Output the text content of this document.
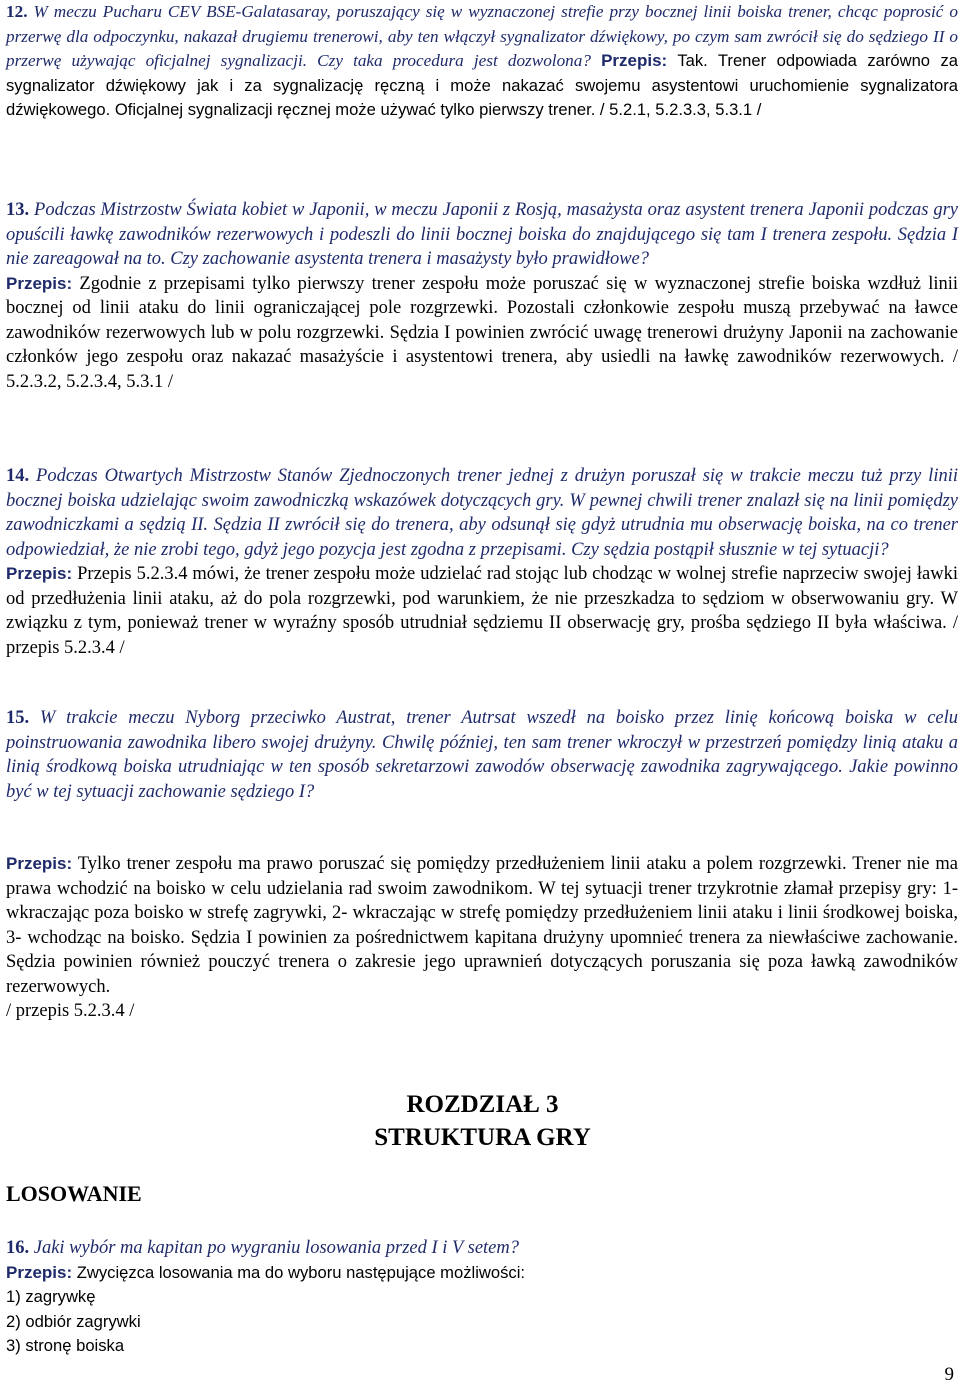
12. W meczu Pucharu CEV BSE-Galatasaray, poruszający się w wyznaczonej strefie przy bocznej linii boiska trener, chcąc poprosić o przerwę dla odpoczynku, nakazał drugiemu trenerowi, aby ten włączył sygnalizator dźwiękowy, po czym sam zwrócił się do sędziego II o przerwę używając oficjalnej sygnalizacji. Czy taka procedura jest dozwolona? Przepis: Tak. Trener odpowiada zarówno za sygnalizator dźwiękowy jak i za sygnalizację ręczną i może nakazać swojemu asystentowi uruchomienie sygnalizatora dźwiękowego. Oficjalnej sygnalizacji ręcznej może używać tylko pierwszy trener. / 5.2.1, 5.2.3.3, 5.3.1 /

13. Podczas Mistrzostw Świata kobiet w Japonii, w meczu Japonii z Rosją, masażysta oraz asystent trenera Japonii podczas gry opuścili ławkę zawodników rezerwowych i podeszli do linii bocznej boiska do znajdującego się tam I trenera zespołu. Sędzia I nie zareagował na to. Czy zachowanie asystenta trenera i masażysty było prawidłowe?
Przepis: Zgodnie z przepisami tylko pierwszy trener zespołu może poruszać się w wyznaczonej strefie boiska wzdłuż linii bocznej od linii ataku do linii ograniczającej pole rozgrzewki. Pozostali członkowie zespołu muszą przebywać na ławce zawodników rezerwowych lub w polu rozgrzewki. Sędzia I powinien zwrócić uwagę trenerowi drużyny Japonii na zachowanie członków jego zespołu oraz nakazać masażyście i asystentowi trenera, aby usiedli na ławkę zawodników rezerwowych. / 5.2.3.2, 5.2.3.4, 5.3.1 /

14. Podczas Otwartych Mistrzostw Stanów Zjednoczonych trener jednej z drużyn poruszał się w trakcie meczu tuż przy linii bocznej boiska udzielając swoim zawodniczką wskazówek dotyczących gry. W pewnej chwili trener znalazł się na linii pomiędzy zawodniczkami a sędzią II. Sędzia II zwrócił się do trenera, aby odsunął się gdyż utrudnia mu obserwację boiska, na co trener odpowiedział, że nie zrobi tego, gdyż jego pozycja jest zgodna z przepisami. Czy sędzia postąpił słusznie w tej sytuacji?
Przepis: Przepis 5.2.3.4 mówi, że trener zespołu może udzielać rad stojąc lub chodząc w wolnej strefie naprzeciw swojej ławki od przedłużenia linii ataku, aż do pola rozgrzewki, pod warunkiem, że nie przeszkadza to sędziom w obserwowaniu gry. W związku z tym, ponieważ trener w wyraźny sposób utrudniał sędziemu II obserwację gry, prośba sędziego II była właściwa. / przepis 5.2.3.4 /

15. W trakcie meczu Nyborg przeciwko Austrat, trener Autrsat wszedł na boisko przez linię końcową boiska w celu poinstruowania zawodnika libero swojej drużyny. Chwilę później, ten sam trener wkroczył w przestrzeń pomiędzy linią ataku a linią środkową boiska utrudniając w ten sposób sekretarzowi zawodów obserwację zawodnika zagrywającego. Jakie powinno być w tej sytuacji zachowanie sędziego I?

Przepis: Tylko trener zespołu ma prawo poruszać się pomiędzy przedłużeniem linii ataku a polem rozgrzewki. Trener nie ma prawa wchodzić na boisko w celu udzielania rad swoim zawodnikom. W tej sytuacji trener trzykrotnie złamał przepisy gry: 1- wkraczając poza boisko w strefę zagrywki, 2- wkraczając w strefę pomiędzy przedłużeniem linii ataku i linii środkowej boiska, 3- wchodząc na boisko. Sędzia I powinien za pośrednictwem kapitana drużyny upomnieć trenera za niewłaściwe zachowanie. Sędzia powinien również pouczyć trenera o zakresie jego uprawnień dotyczących poruszania się poza ławką zawodników rezerwowych.
/ przepis 5.2.3.4 /

ROZDZIAŁ 3
STRUKTURA GRY
LOSOWANIE

16. Jaki wybór ma kapitan po wygraniu losowania przed I i V setem?
Przepis: Zwycięzca losowania ma do wyboru następujące możliwości:

1) zagrywkę
2) odbiór zagrywki
3) stronę boiska
9
